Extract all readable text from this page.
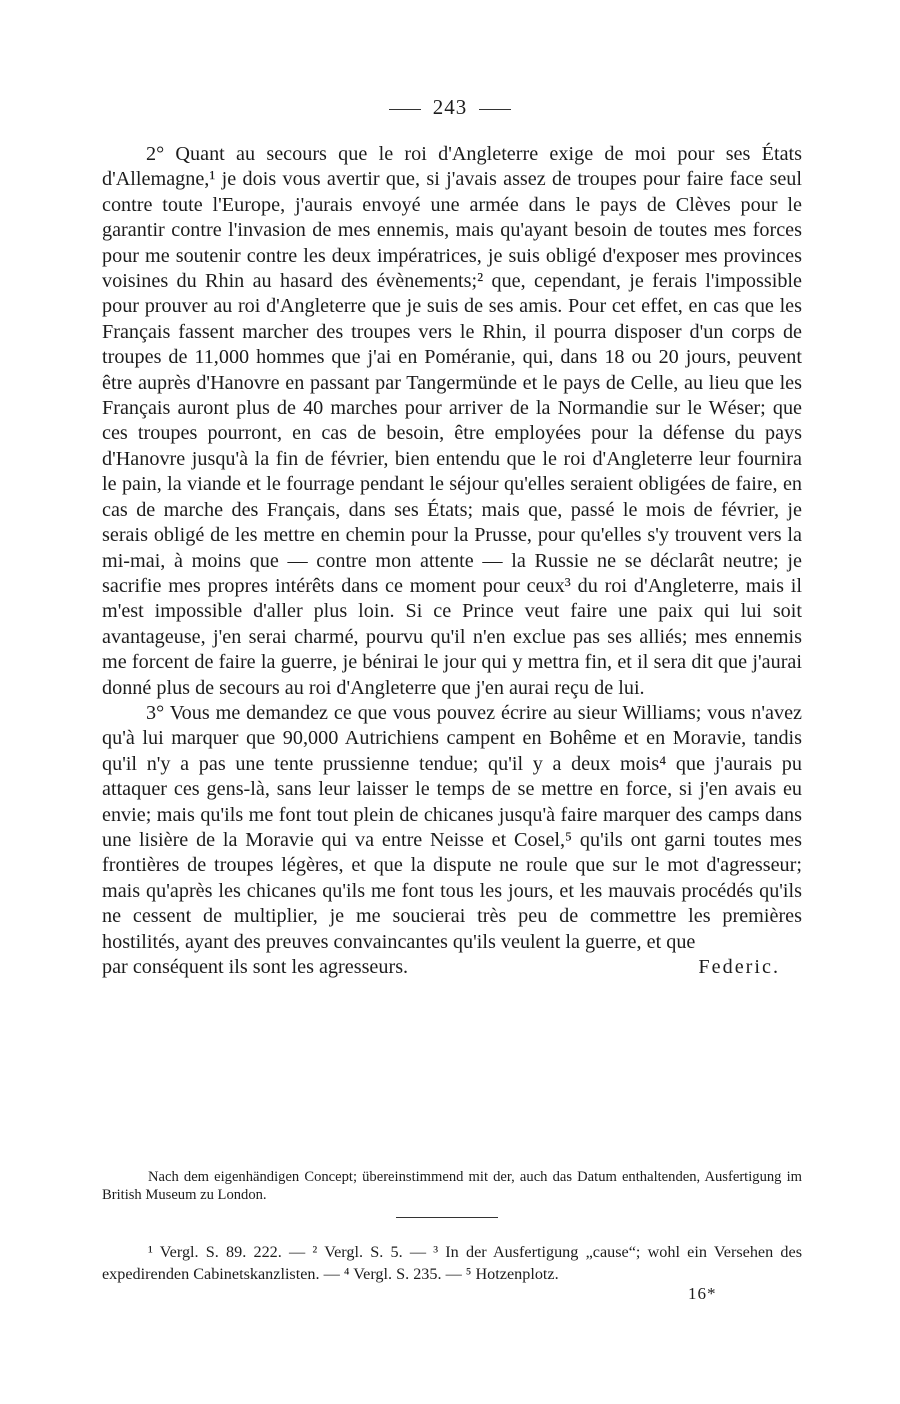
243

2° Quant au secours que le roi d'Angleterre exige de moi pour ses États d'Allemagne,¹ je dois vous avertir que, si j'avais assez de troupes pour faire face seul contre toute l'Europe, j'aurais envoyé une armée dans le pays de Clèves pour le garantir contre l'invasion de mes ennemis, mais qu'ayant besoin de toutes mes forces pour me soutenir contre les deux impératrices, je suis obligé d'exposer mes provinces voisines du Rhin au hasard des évènements;² que, cependant, je ferais l'impossible pour prouver au roi d'Angleterre que je suis de ses amis. Pour cet effet, en cas que les Français fassent marcher des troupes vers le Rhin, il pourra disposer d'un corps de troupes de 11,000 hommes que j'ai en Poméranie, qui, dans 18 ou 20 jours, peuvent être auprès d'Hanovre en passant par Tangermünde et le pays de Celle, au lieu que les Français auront plus de 40 marches pour arriver de la Normandie sur le Wéser; que ces troupes pourront, en cas de besoin, être employées pour la défense du pays d'Hanovre jusqu'à la fin de février, bien entendu que le roi d'Angleterre leur fournira le pain, la viande et le fourrage pendant le séjour qu'elles seraient obligées de faire, en cas de marche des Français, dans ses États; mais que, passé le mois de février, je serais obligé de les mettre en chemin pour la Prusse, pour qu'elles s'y trouvent vers la mi-mai, à moins que — contre mon attente — la Russie ne se déclarât neutre; je sacrifie mes propres intérêts dans ce moment pour ceux³ du roi d'Angleterre, mais il m'est impossible d'aller plus loin. Si ce Prince veut faire une paix qui lui soit avantageuse, j'en serai charmé, pourvu qu'il n'en exclue pas ses alliés; mes ennemis me forcent de faire la guerre, je bénirai le jour qui y mettra fin, et il sera dit que j'aurai donné plus de secours au roi d'Angleterre que j'en aurai reçu de lui.

3° Vous me demandez ce que vous pouvez écrire au sieur Williams; vous n'avez qu'à lui marquer que 90,000 Autrichiens campent en Bohême et en Moravie, tandis qu'il n'y a pas une tente prussienne tendue; qu'il y a deux mois⁴ que j'aurais pu attaquer ces gens-là, sans leur laisser le temps de se mettre en force, si j'en avais eu envie; mais qu'ils me font tout plein de chicanes jusqu'à faire marquer des camps dans une lisière de la Moravie qui va entre Neisse et Cosel,⁵ qu'ils ont garni toutes mes frontières de troupes légères, et que la dispute ne roule que sur le mot d'agresseur; mais qu'après les chicanes qu'ils me font tous les jours, et les mauvais procédés qu'ils ne cessent de multiplier, je me soucierai très peu de commettre les premières hostilités, ayant des preuves convaincantes qu'ils veulent la guerre, et que

par conséquent ils sont les agresseurs.	Federic.

Nach dem eigenhändigen Concept; übereinstimmend mit der, auch das Datum enthaltenden, Ausfertigung im British Museum zu London.

¹ Vergl. S. 89. 222. — ² Vergl. S. 5. — ³ In der Ausfertigung „cause“; wohl ein Versehen des expedirenden Cabinetskanzlisten. — ⁴ Vergl. S. 235. — ⁵ Hotzenplotz.

16*
